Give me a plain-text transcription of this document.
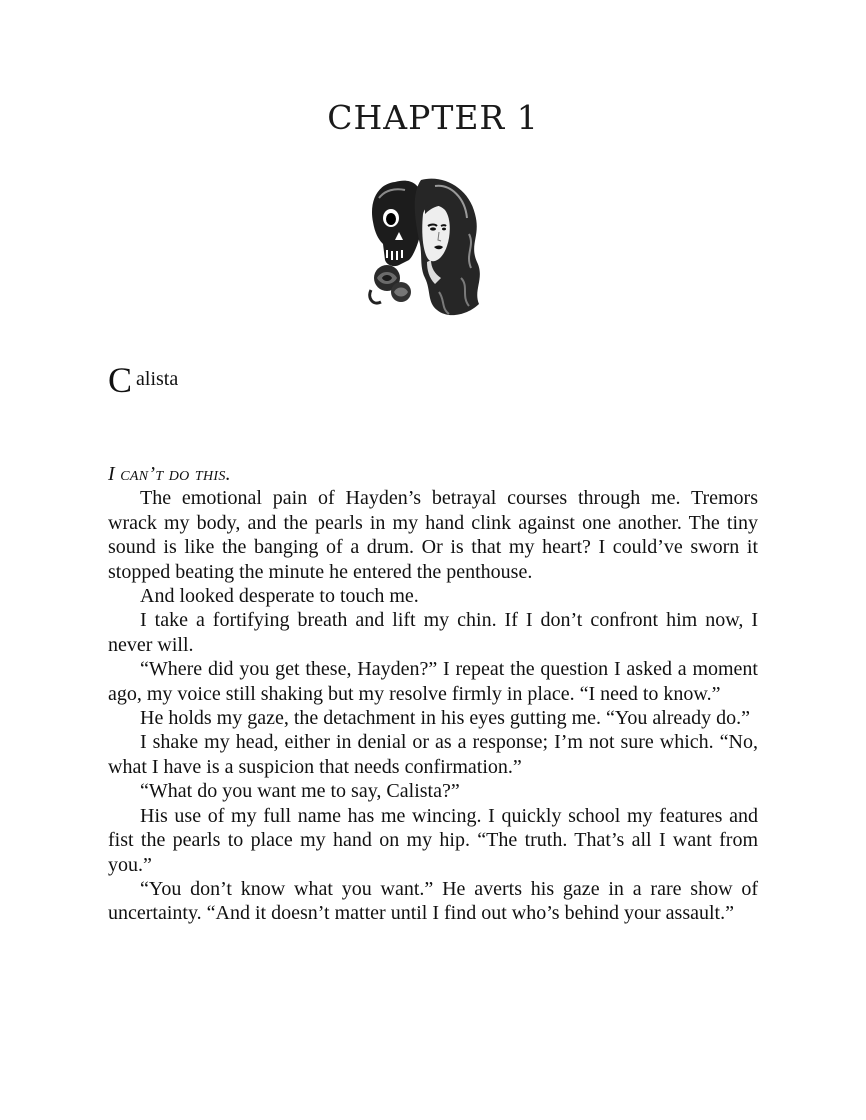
CHAPTER 1
C alista

I can’t do this.

The emotional pain of Hayden’s betrayal courses through me. Tremors wrack my body, and the pearls in my hand clink against one another. The tiny sound is like the banging of a drum. Or is that my heart? I could’ve sworn it stopped beating the minute he entered the penthouse.

And looked desperate to touch me.

I take a fortifying breath and lift my chin. If I don’t confront him now, I never will.

“Where did you get these, Hayden?” I repeat the question I asked a moment ago, my voice still shaking but my resolve firmly in place. “I need to know.”

He holds my gaze, the detachment in his eyes gutting me. “You already do.”

I shake my head, either in denial or as a response; I’m not sure which. “No, what I have is a suspicion that needs confirmation.”

“What do you want me to say, Calista?”

His use of my full name has me wincing. I quickly school my features and fist the pearls to place my hand on my hip. “The truth. That’s all I want from you.”

“You don’t know what you want.” He averts his gaze in a rare show of uncertainty. “And it doesn’t matter until I find out who’s behind your assault.”
